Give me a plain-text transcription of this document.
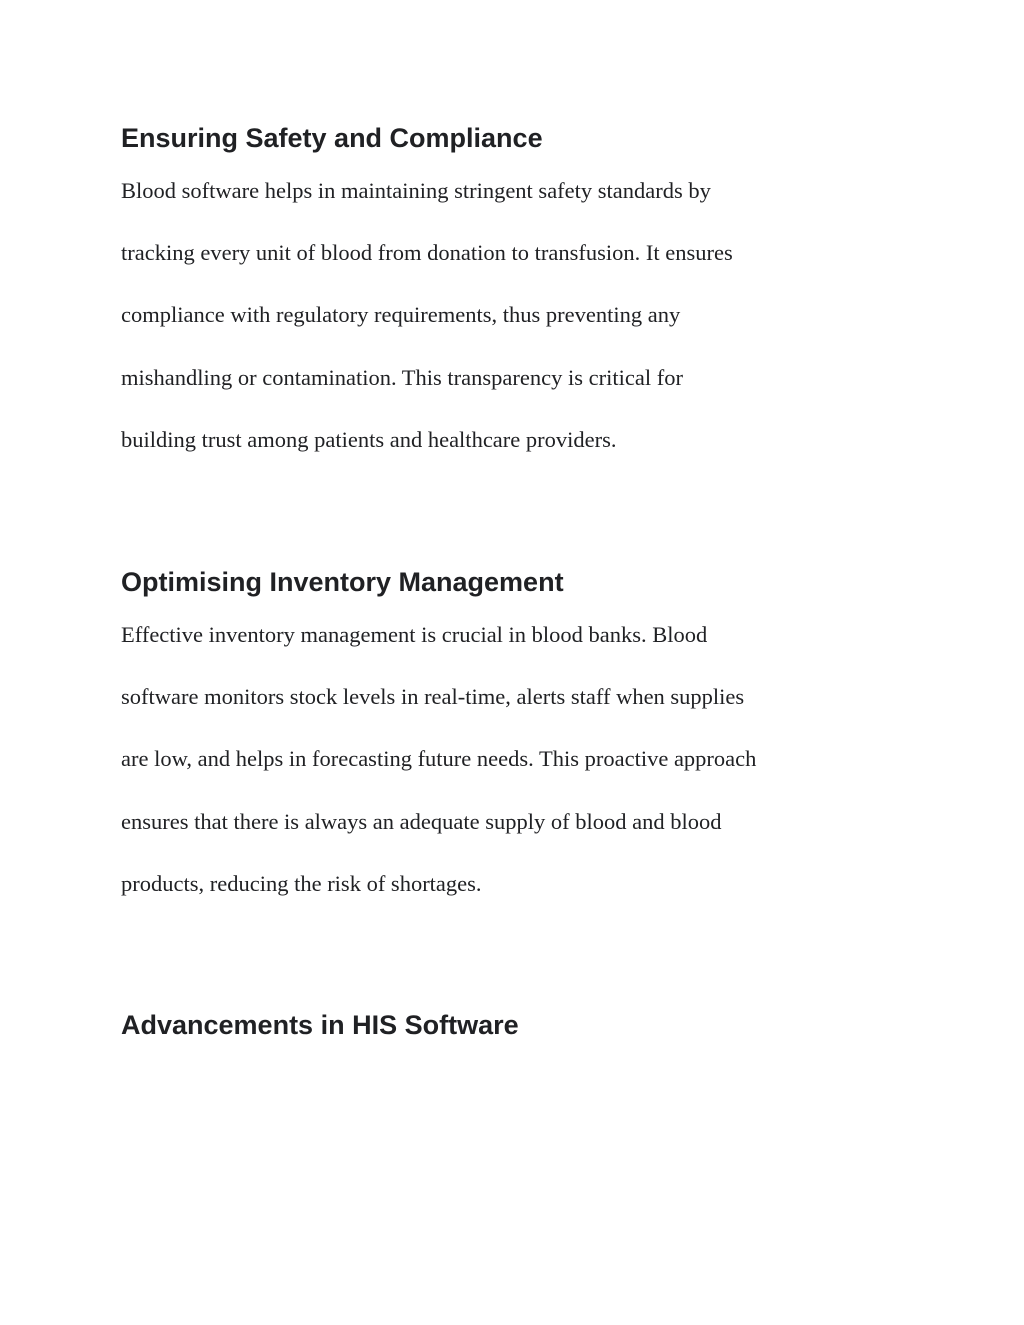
Ensuring Safety and Compliance
Blood software helps in maintaining stringent safety standards by
tracking every unit of blood from donation to transfusion. It ensures
compliance with regulatory requirements, thus preventing any
mishandling or contamination. This transparency is critical for
building trust among patients and healthcare providers.
Optimising Inventory Management
Effective inventory management is crucial in blood banks. Blood
software monitors stock levels in real-time, alerts staff when supplies
are low, and helps in forecasting future needs. This proactive approach
ensures that there is always an adequate supply of blood and blood
products, reducing the risk of shortages.
Advancements in HIS Software
